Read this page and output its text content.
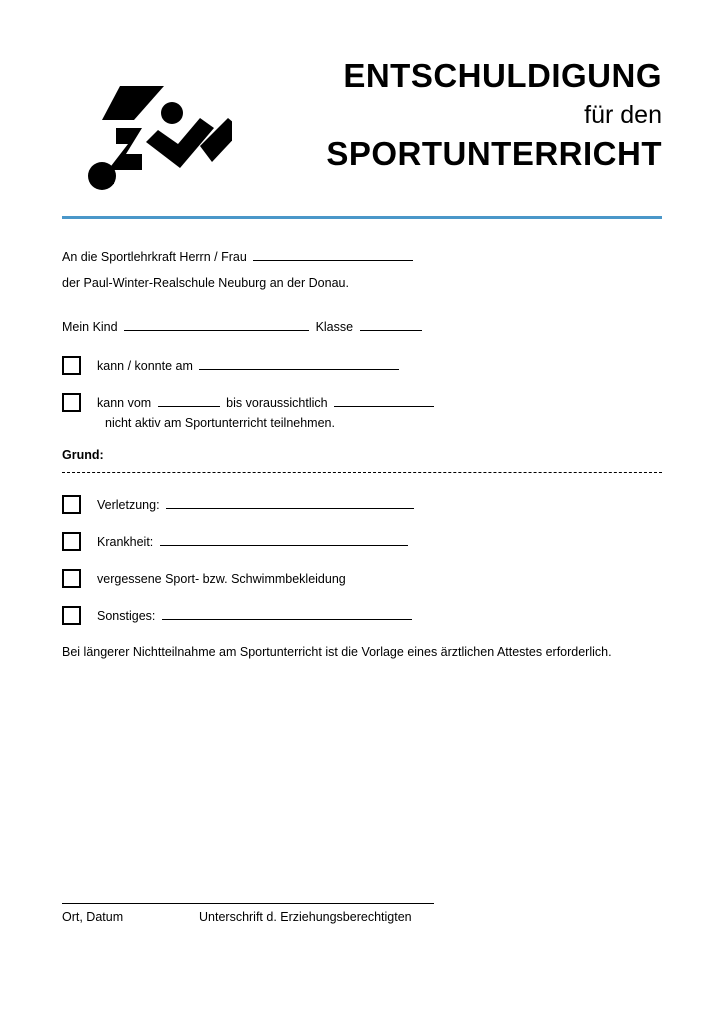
ENTSCHULDIGUNG
für den
SPORTUNTERRICHT
An die Sportlehrkraft Herrn / Frau
der Paul-Winter-Realschule Neuburg an der Donau.
Mein Kind	Klasse
kann / konnte am
kann vom	bis voraussichtlich
nicht aktiv am Sportunterricht teilnehmen.
Grund:
Verletzung:
Krankheit:
vergessene Sport- bzw. Schwimmbekleidung
Sonstiges:
Bei längerer Nichtteilnahme am Sportunterricht ist die Vorlage eines ärztlichen Attestes erforderlich.
Ort, Datum	Unterschrift d. Erziehungsberechtigten
